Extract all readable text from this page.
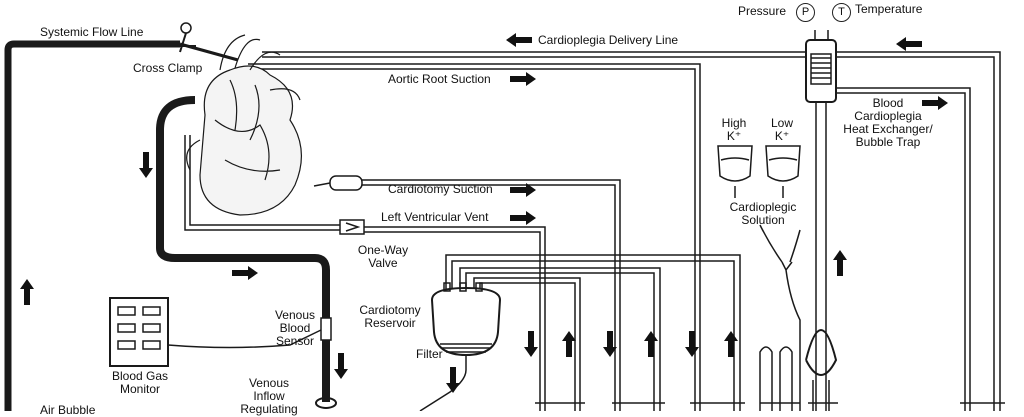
P	T
Systemic Flow Line
Cross Clamp
Cardioplegia Delivery Line
Aortic Root Suction
Pressure	Temperature
Blood
Cardioplegia
Heat Exchanger/
Bubble Trap
High
K⁺
Low
K⁺
Cardioplegic
Solution
Cardiotomy Suction
Left Ventricular Vent
One-Way
Valve
Cardiotomy
Reservoir
Filter
Venous
Blood
Sensor
Blood Gas
Monitor	Venous
Inflow
Regulating
Air Bubble
